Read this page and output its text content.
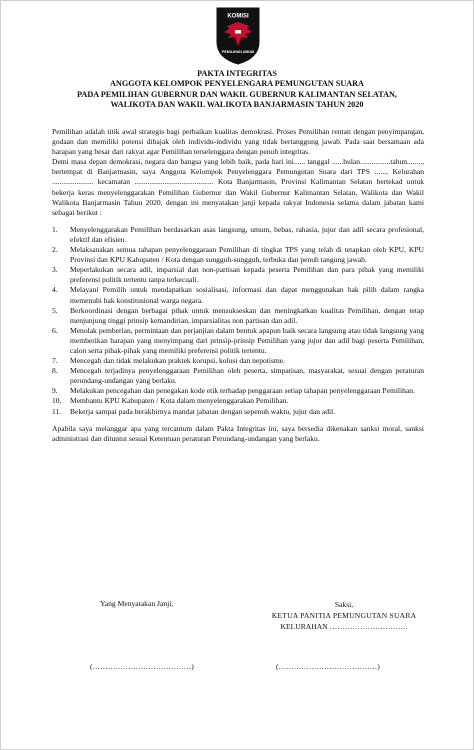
KOMISI
PEMILIHAN UMUM
PAKTA INTEGRITAS
ANGGOTA KELOMPOK PENYELENGARA PEMUNGUTAN SUARA
PADA PEMILIHAN GUBERNUR DAN WAKIL GUBERNUR KALIMANTAN SELATAN,
WALIKOTA DAN WAKIL WALIKOTA BANJARMASIN TAHUN 2020

Pemilihan adalah titik awal strategis bagi perbaikan kualitas demokrasi. Proses Pemilihan rentan dengan penyimpangan, godaan dan memiliki potensi dibajak oleh individu-individu yang tidak bertanggung jawab. Pada saat bersamaan ada harapan yang besar dari rakyat agar Pemilihan terselenggara dengan penuh integritas.

Demi masa depan demokrasi, negara dan bangsa yang lebih baik, pada hari ini...... tanggal ......bulan................tahun........, bertempat di Banjarmasin, saya Anggota Kelompok Penyelenggara Pemungutan Suara dari TPS ......, Kelurahan ...................... kecamatan .......................................... Kota Banjarmasin, Provinsi Kalimantan Selatan bertekad untuk bekerja keras menyelenggarakan Pemilihan Gubernur dan Wakil Gubernur Kalimantan Selatan, Walikota dan Wakil Walikota Banjarmasin Tahun 2020, dengan ini menyatakan janji kepada rakyat Indonesia selama dalam jabatan kami sebagai berikut :

1. Menyelenggarakan Pemilihan berdasarkan asas langsung, umum, bebas, rahasia, jujur dan adil secara profesional, efektif dan efisien.
2. Melaksanakan semua tahapan penyelenggaraan Pemilihan di tingkat TPS yang telah di tetapkan oleh KPU, KPU Provinsi dan KPU Kabupaten / Kota dengan sungguh-sungguh, terbuka dan penuh tangung jawab.
3. Meperlakukan secara adil, imparsial dan non-partisan kepada peserta Pemilihan dan para pihak yang memiliki preferensi politik tertentu tanpa terkecuali.
4. Melayani Pemilih untuk mendapatkan sosialisasi, informasi dan dapat menggunakan hak pilih dalam rangka memenuhi hak konstitusional warga negara.
5. Berkoordinasi dengan berbagai pihak untuk mensukseskan dan meningkatkan kualitas Pemilihan, dengan tetap menjunjung tinggi prinsip kemandirian, imparsialitas non partisan dan adil.
6. Menolak pemberian, permintaan dan perjanjian dalam bentuk apapun baik secara langsung atau tidak langsung yang memberikan harapan yang menyimpang dari prinsip-prinsip Pemilihan yang jujur dan adil bagi peserta Pemilihan, calon serta pihak-pihak yang memiliki preferensi politik tertentu.
7. Mencegah dan tidak melakukan praktek korupsi, kolusi dan nepotisme.
8. Mencegah terjadinya penyelenggaraan Pemilihan oleh peserta, simpatisan, masyarakat, sesuai dengan peraturan perundang-undangan yang berlaku.
9. Melakukan pencegahan dan penegakan kode etik terhadap penggaraan setiap tahapan penyelenggaraan Pemilihan.
10. Membantu KPU Kabupaten / Kota dalam menyelenggarakan Pemilihan.
11. Bekerja sampai pada berakhirnya mandat jabatan dengan sepenuh waktu, jujur dan adil.

Apabila saya melanggar apa yang tercantum dalam Pakta Integritas ini, saya bersedia dikenakan sanksi moral, sanksi administrasi dan dituntut sesuai Ketentuan peraturan Perundang-undangan yang berlaku.

Yang Menyatakan Janji,	Saksi,
KETUA PANITIA PEMUNGUTAN SUARA
KELURAHAN ………………………….
(…………………………………)	(…………………………………)
